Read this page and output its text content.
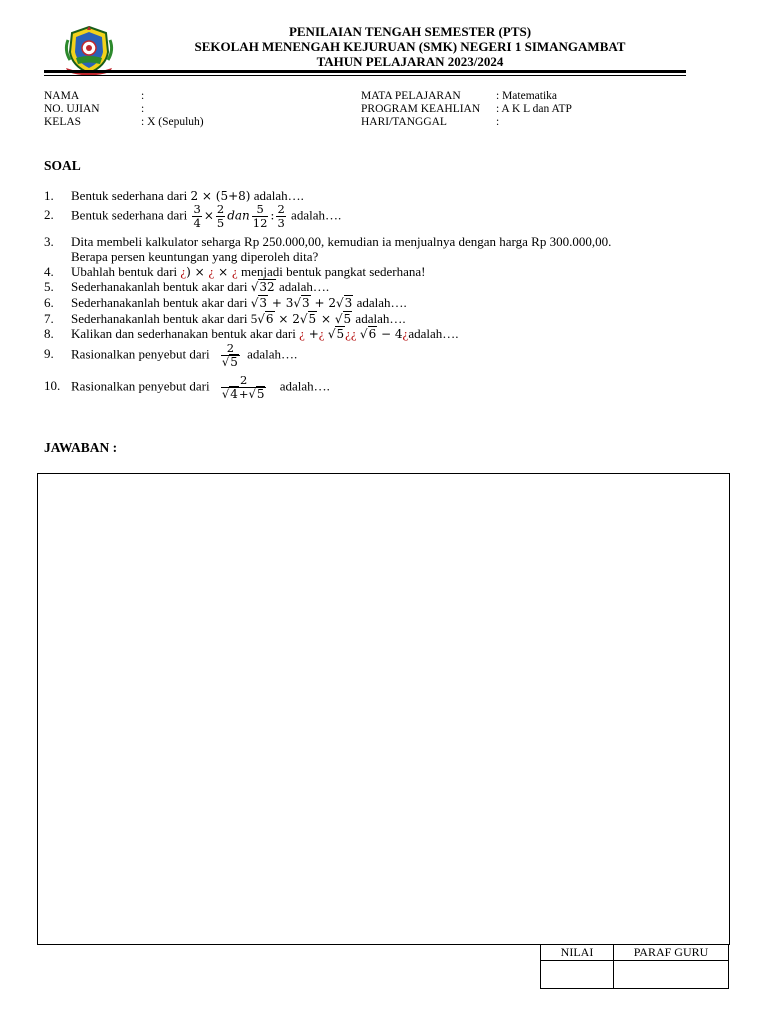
PENILAIAN TENGAH SEMESTER (PTS)
SEKOLAH MENENGAH KEJURUAN (SMK) NEGERI 1 SIMANGAMBAT
TAHUN PELAJARAN 2023/2024
NAMA	:
NO. UJIAN	:
KELAS	: X (Sepuluh)
MATA PELAJARAN	: Matematika
PROGRAM KEAHLIAN : A K L dan ATP
HARI/TANGGAL	:
SOAL
1. Bentuk sederhana dari 2 × (5+8) adalah….
2. Bentuk sederhana dari $\frac{3}{4} \times \frac{2}{5}$ dan $\frac{5}{12}$ : $\frac{2}{3}$ adalah….
3. Dita membeli kalkulator seharga Rp 250.000,00, kemudian ia menjualnya dengan harga Rp 300.000,00.
Berapa persen keuntungan yang diperoleh dita?
4. Ubahlah bentuk dari ¿) × ¿ × ¿ menjadi bentuk pangkat sederhana!
5. Sederhanakanlah bentuk akar dari √32 adalah….
6. Sederhanakanlah bentuk akar dari √3 + 3√3 + 2√3 adalah….
7. Sederhanakanlah bentuk akar dari 5√6 × 2√5 × √5 adalah….
8. Kalikan dan sederhanakan bentuk akar dari ¿ +¿ √5¿¿ √6 − 4¿adalah….
9. Rasionalkan penyebut dari $\frac{2}{√5}$ adalah….
10. Rasionalkan penyebut dari $\frac{2}{√4+√5}$ adalah….
JAWABAN :
NILAI	PARAF GURU
